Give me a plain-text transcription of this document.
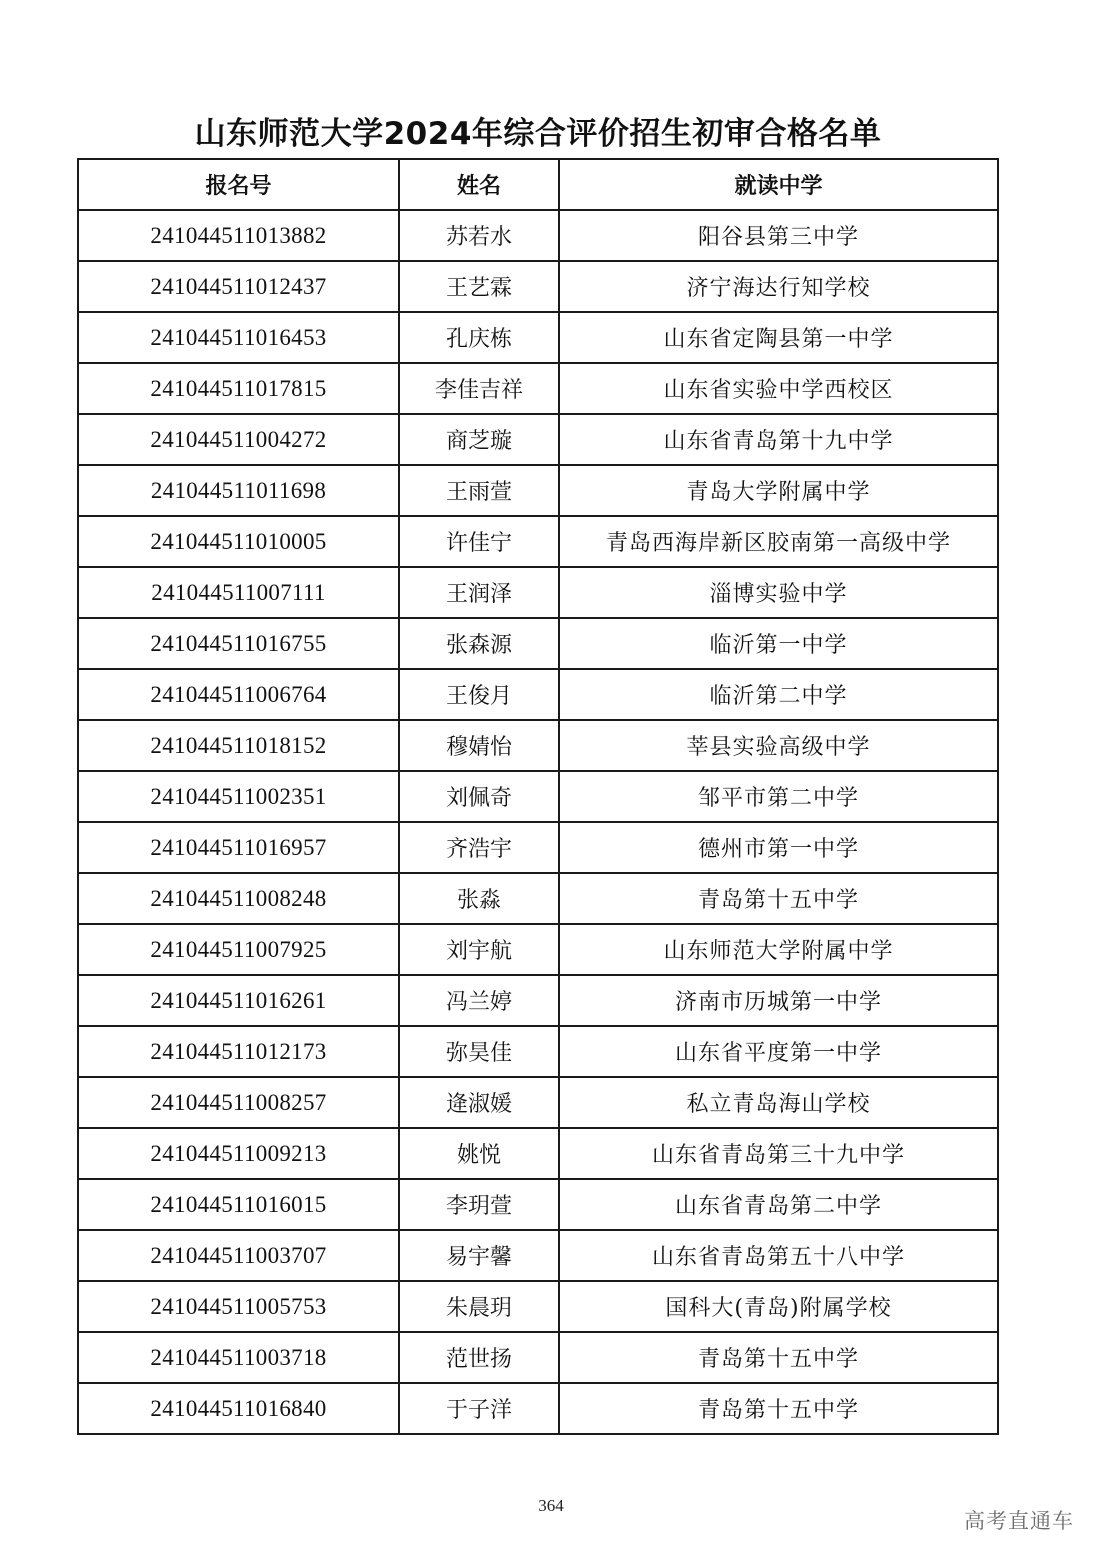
山东师范大学2024年综合评价招生初审合格名单
报名号	姓名	就读中学
241044511013882	苏若水	阳谷县第三中学
241044511012437	王艺霖	济宁海达行知学校
241044511016453	孔庆栋	山东省定陶县第一中学
241044511017815	李佳吉祥	山东省实验中学西校区
241044511004272	商芝璇	山东省青岛第十九中学
241044511011698	王雨萱	青岛大学附属中学
241044511010005	许佳宁	青岛西海岸新区胶南第一高级中学
241044511007111	王润泽	淄博实验中学
241044511016755	张森源	临沂第一中学
241044511006764	王俊月	临沂第二中学
241044511018152	穆婧怡	莘县实验高级中学
241044511002351	刘佩奇	邹平市第二中学
241044511016957	齐浩宇	德州市第一中学
241044511008248	张淼	青岛第十五中学
241044511007925	刘宇航	山东师范大学附属中学
241044511016261	冯兰婷	济南市历城第一中学
241044511012173	弥昊佳	山东省平度第一中学
241044511008257	逄淑媛	私立青岛海山学校
241044511009213	姚悦	山东省青岛第三十九中学
241044511016015	李玥萱	山东省青岛第二中学
241044511003707	易宇馨	山东省青岛第五十八中学
241044511005753	朱晨玥	国科大(青岛)附属学校
241044511003718	范世扬	青岛第十五中学
241044511016840	于子洋	青岛第十五中学
364
高考直通车
